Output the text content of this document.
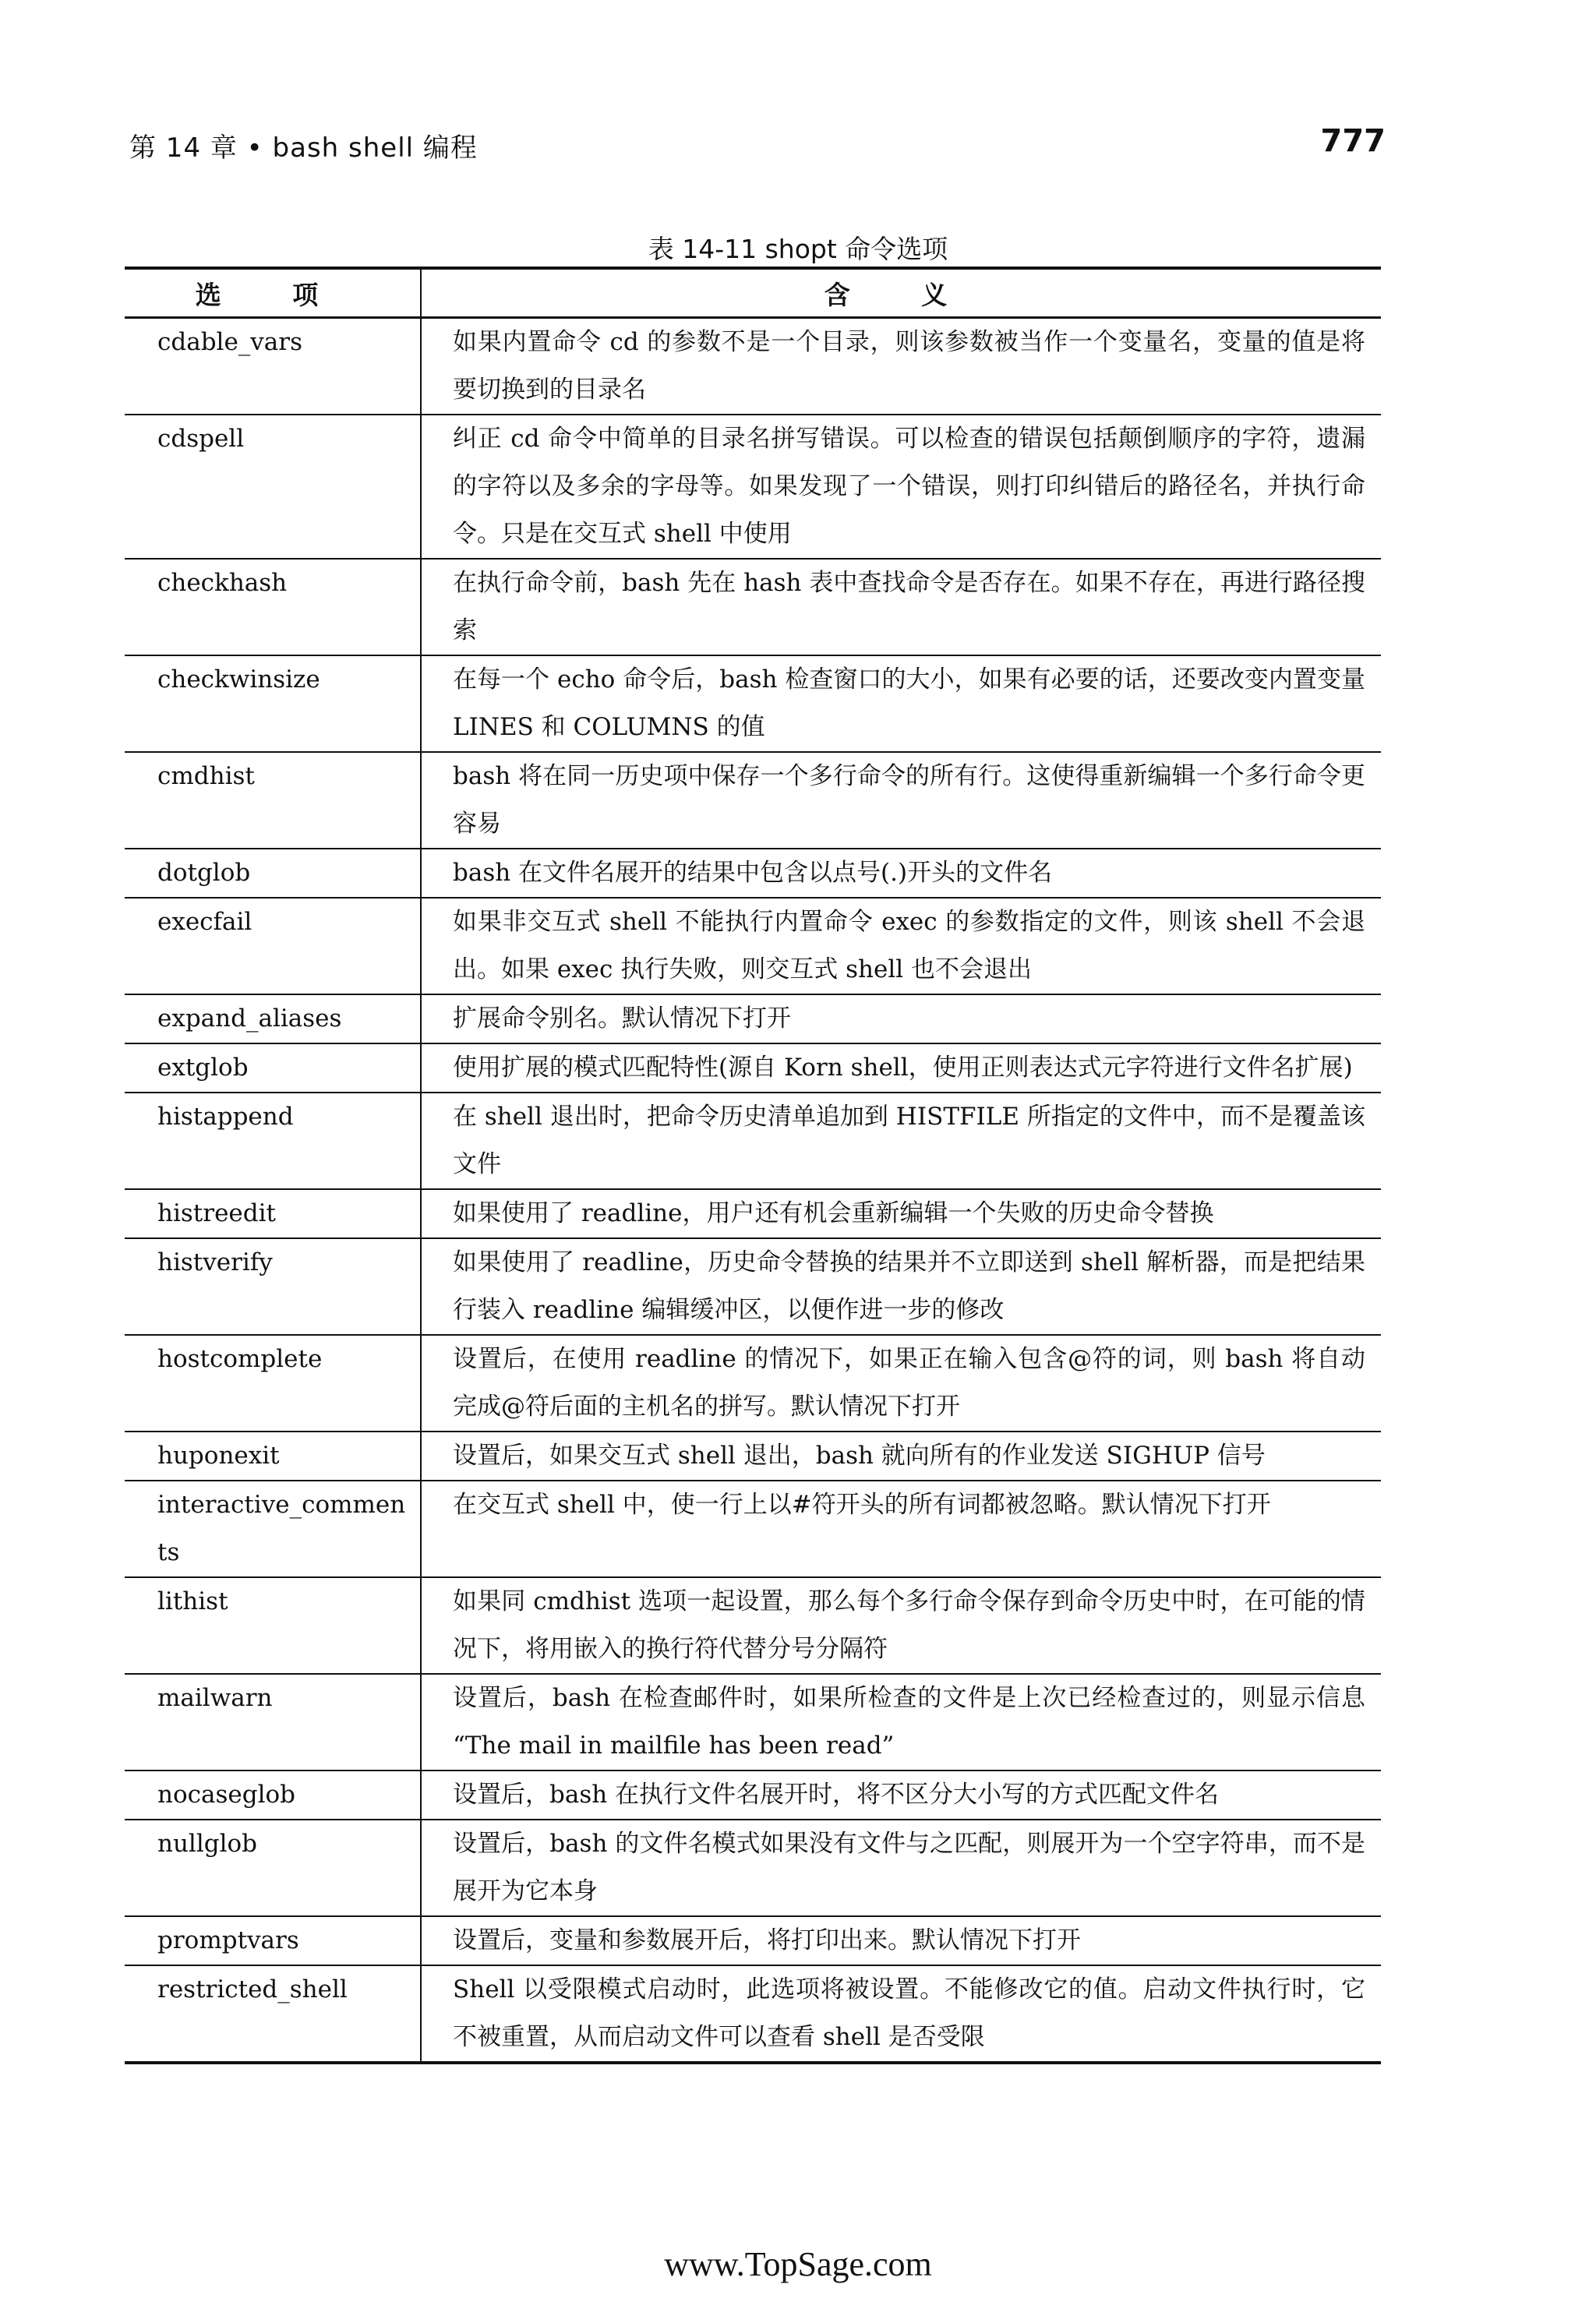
第 14 章 • bash shell 编程	777
表 14-11 shopt 命令选项
选 项	含 义
cdable_vars	如果内置命令 cd 的参数不是一个目录，则该参数被当作一个变量名，变量的值是将要切换到的目录名
cdspell	纠正 cd 命令中简单的目录名拼写错误。可以检查的错误包括颠倒顺序的字符，遗漏的字符以及多余的字母等。如果发现了一个错误，则打印纠错后的路径名，并执行命令。只是在交互式 shell 中使用
checkhash	在执行命令前，bash 先在 hash 表中查找命令是否存在。如果不存在，再进行路径搜索
checkwinsize	在每一个 echo 命令后，bash 检查窗口的大小，如果有必要的话，还要改变内置变量 LINES 和 COLUMNS 的值
cmdhist	bash 将在同一历史项中保存一个多行命令的所有行。这使得重新编辑一个多行命令更容易
dotglob	bash 在文件名展开的结果中包含以点号(.)开头的文件名
execfail	如果非交互式 shell 不能执行内置命令 exec 的参数指定的文件，则该 shell 不会退出。如果 exec 执行失败，则交互式 shell 也不会退出
expand_aliases	扩展命令别名。默认情况下打开
extglob	使用扩展的模式匹配特性(源自 Korn shell，使用正则表达式元字符进行文件名扩展)
histappend	在 shell 退出时，把命令历史清单追加到 HISTFILE 所指定的文件中，而不是覆盖该文件
histreedit	如果使用了 readline，用户还有机会重新编辑一个失败的历史命令替换
histverify	如果使用了 readline，历史命令替换的结果并不立即送到 shell 解析器，而是把结果行装入 readline 编辑缓冲区，以便作进一步的修改
hostcomplete	设置后，在使用 readline 的情况下，如果正在输入包含@符的词，则 bash 将自动完成@符后面的主机名的拼写。默认情况下打开
huponexit	设置后，如果交互式 shell 退出，bash 就向所有的作业发送 SIGHUP 信号
interactive_comments	在交互式 shell 中，使一行上以#符开头的所有词都被忽略。默认情况下打开
lithist	如果同 cmdhist 选项一起设置，那么每个多行命令保存到命令历史中时，在可能的情况下，将用嵌入的换行符代替分号分隔符
mailwarn	设置后，bash 在检查邮件时，如果所检查的文件是上次已经检查过的，则显示信息 “The mail in mailfile has been read”
nocaseglob	设置后，bash 在执行文件名展开时，将不区分大小写的方式匹配文件名
nullglob	设置后，bash 的文件名模式如果没有文件与之匹配，则展开为一个空字符串，而不是展开为它本身
promptvars	设置后，变量和参数展开后，将打印出来。默认情况下打开
restricted_shell	Shell 以受限模式启动时，此选项将被设置。不能修改它的值。启动文件执行时，它不被重置，从而启动文件可以查看 shell 是否受限
www.TopSage.com
